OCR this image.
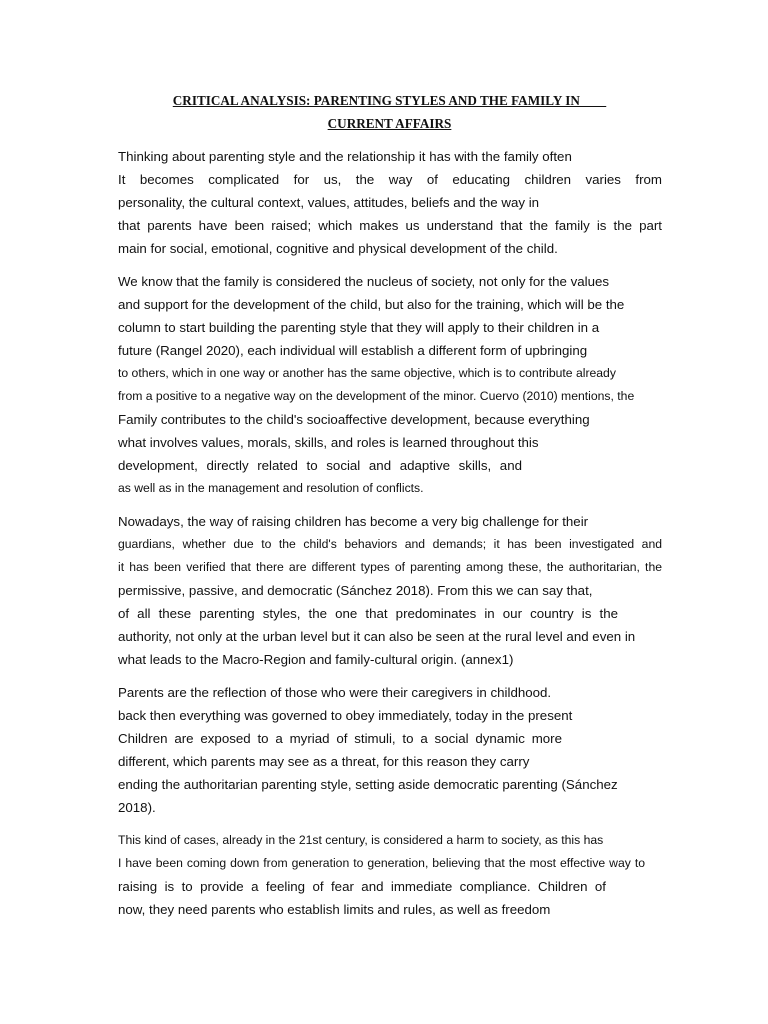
CRITICAL ANALYSIS: PARENTING STYLES AND THE FAMILY IN
CURRENT AFFAIRS
Thinking about parenting style and the relationship it has with the family often
It becomes complicated for us, the way of educating children varies from
personality, the cultural context, values, attitudes, beliefs and the way in
that parents have been raised; which makes us understand that the family is the part
main for social, emotional, cognitive and physical development of the child.
We know that the family is considered the nucleus of society, not only for the values
and support for the development of the child, but also for the training, which will be the
column to start building the parenting style that they will apply to their children in a
future (Rangel 2020), each individual will establish a different form of upbringing
to others, which in one way or another has the same objective, which is to contribute already
from a positive to a negative way on the development of the minor. Cuervo (2010) mentions, the
Family contributes to the child's socioaffective development, because everything
what involves values, morals, skills, and roles is learned throughout this
development, directly related to social and adaptive skills, and
as well as in the management and resolution of conflicts.
Nowadays, the way of raising children has become a very big challenge for their
guardians, whether due to the child's behaviors and demands; it has been investigated and
it has been verified that there are different types of parenting among these, the authoritarian, the
permissive, passive, and democratic (Sánchez 2018). From this we can say that,
of all these parenting styles, the one that predominates in our country is the
authority, not only at the urban level but it can also be seen at the rural level and even in
what leads to the Macro-Region and family-cultural origin. (annex1)
Parents are the reflection of those who were their caregivers in childhood.
back then everything was governed to obey immediately, today in the present
Children are exposed to a myriad of stimuli, to a social dynamic more
different, which parents may see as a threat, for this reason they carry
ending the authoritarian parenting style, setting aside democratic parenting (Sánchez
2018).
This kind of cases, already in the 21st century, is considered a harm to society, as this has
I have been coming down from generation to generation, believing that the most effective way to
raising is to provide a feeling of fear and immediate compliance. Children of
now, they need parents who establish limits and rules, as well as freedom
